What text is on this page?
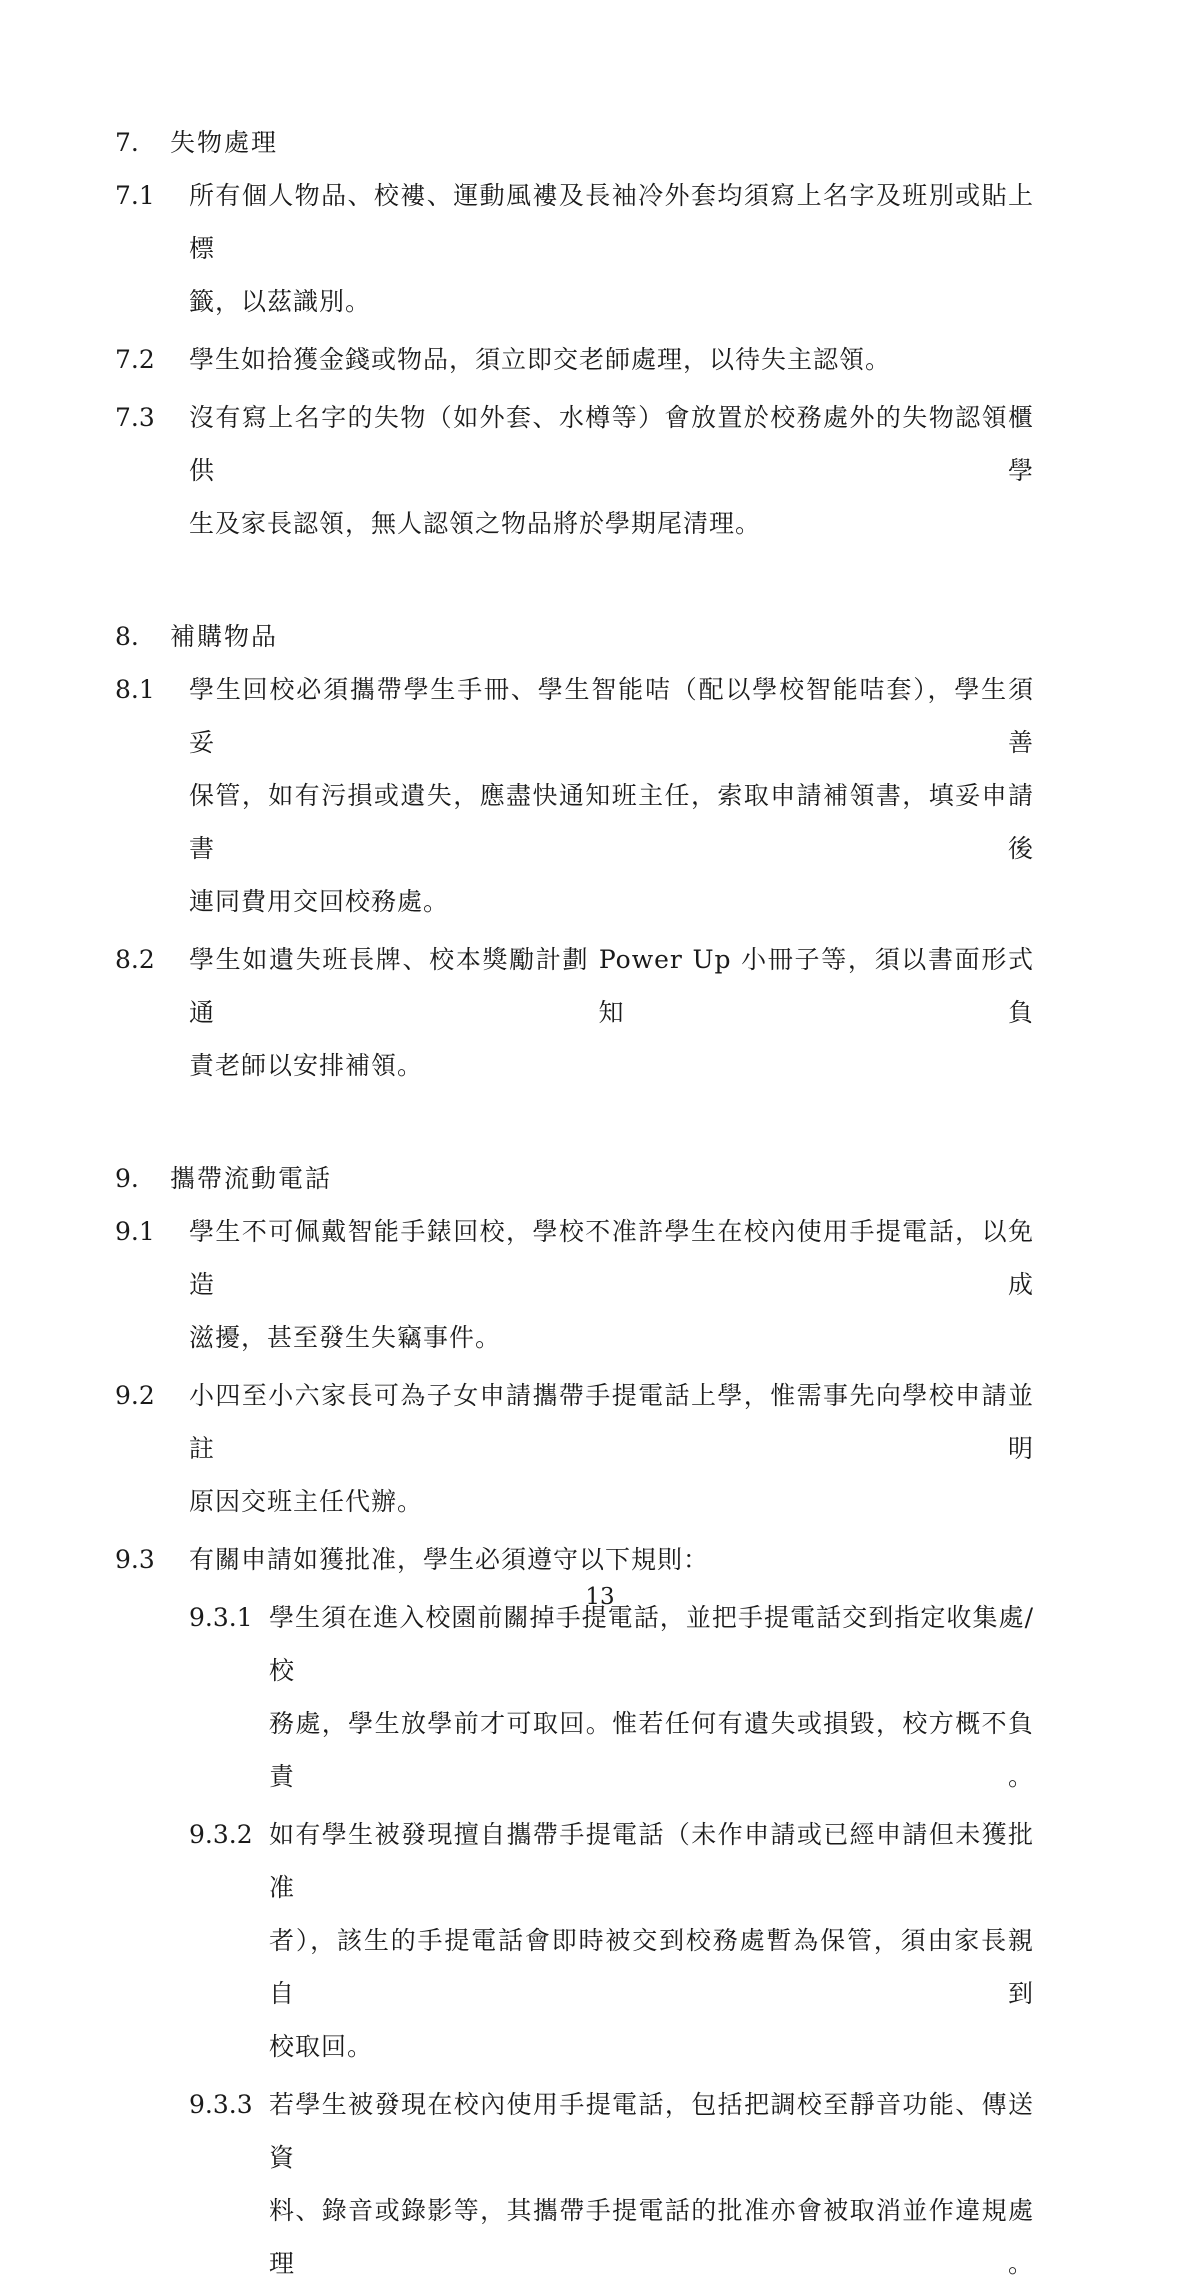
7.	失物處理
7.1	所有個人物品、校褸、運動風褸及長袖冷外套均須寫上名字及班別或貼上標
籤，以茲識別。
7.2	學生如拾獲金錢或物品，須立即交老師處理，以待失主認領。
7.3	沒有寫上名字的失物（如外套、水樽等）會放置於校務處外的失物認領櫃供學
生及家長認領，無人認領之物品將於學期尾清理。
8.	補購物品
8.1	學生回校必須攜帶學生手冊、學生智能咭（配以學校智能咭套），學生須妥善
保管，如有污損或遺失，應盡快通知班主任，索取申請補領書，填妥申請書後
連同費用交回校務處。
8.2	學生如遺失班長牌、校本獎勵計劃 Power Up 小冊子等，須以書面形式通知負
責老師以安排補領。
9.	攜帶流動電話
9.1	學生不可佩戴智能手錶回校，學校不准許學生在校內使用手提電話，以免造成
滋擾，甚至發生失竊事件。
9.2	小四至小六家長可為子女申請攜帶手提電話上學，惟需事先向學校申請並註明
原因交班主任代辦。
9.3	有關申請如獲批准，學生必須遵守以下規則：
9.3.1 學生須在進入校園前關掉手提電話，並把手提電話交到指定收集處/校
務處，學生放學前才可取回。惟若任何有遺失或損毀，校方概不負責。
9.3.2 如有學生被發現擅自攜帶手提電話（未作申請或已經申請但未獲批准
者），該生的手提電話會即時被交到校務處暫為保管，須由家長親自到
校取回。
9.3.3 若學生被發現在校內使用手提電話，包括把調校至靜音功能、傳送資
料、錄音或錄影等，其攜帶手提電話的批准亦會被取消並作違規處理。
13
